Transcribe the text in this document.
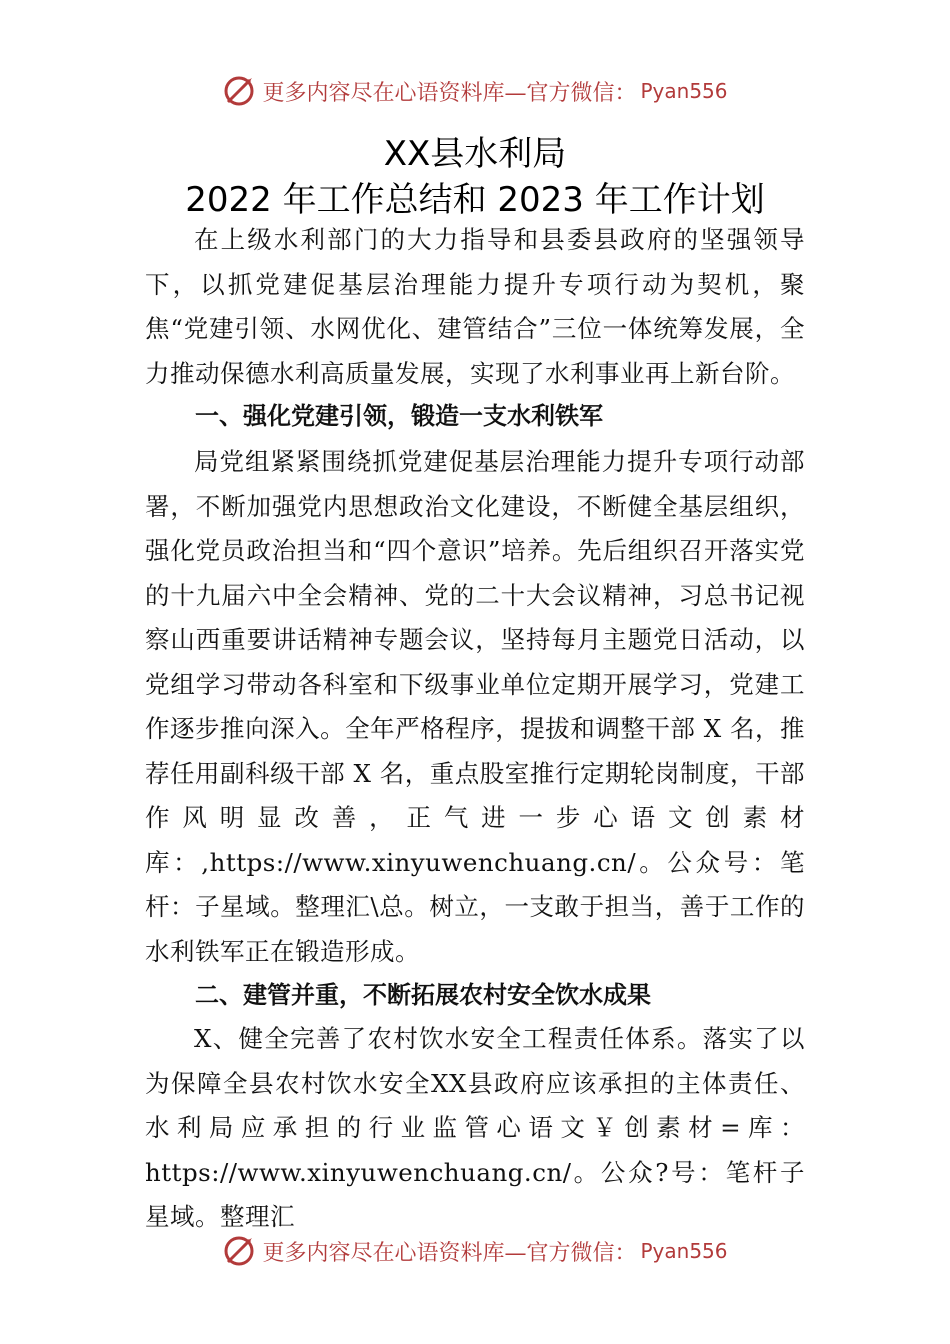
更多内容尽在心语资料库—官方微信： Pyan556
XX县水利局
2022 年工作总结和 2023 年工作计划

在上级水利部门的大力指导和县委县政府的坚强领导下，以抓党建促基层治理能力提升专项行动为契机，聚焦“党建引领、水网优化、建管结合”三位一体统筹发展，全力推动保德水利高质量发展，实现了水利事业再上新台阶。

一、强化党建引领，锻造一支水利铁军

局党组紧紧围绕抓党建促基层治理能力提升专项行动部署，不断加强党内思想政治文化建设，不断健全基层组织，强化党员政治担当和“四个意识”培养。先后组织召开落实党的十九届六中全会精神、党的二十大会议精神，习总书记视察山西重要讲话精神专题会议，坚持每月主题党日活动，以党组学习带动各科室和下级事业单位定期开展学习，党建工作逐步推向深入。全年严格程序，提拔和调整干部 X 名，推荐任用副科级干部 X 名，重点股室推行定期轮岗制度，干部作风明显改善，正气进一步心语文创素材库：,https://www.xinyuwenchuang.cn/。公众号：笔杆：子星域。整理汇\总。树立，一支敢于担当，善于工作的水利铁军正在锻造形成。

二、建管并重，不断拓展农村安全饮水成果

X、健全完善了农村饮水安全工程责任体系。落实了以为保障全县农村饮水安全XX县政府应该承担的主体责任、水利局应承担的行业监管心语文￥创素材=库：https://www.xinyuwenchuang.cn/。公众?号：笔杆子星域。整理汇

更多内容尽在心语资料库—官方微信： Pyan556
